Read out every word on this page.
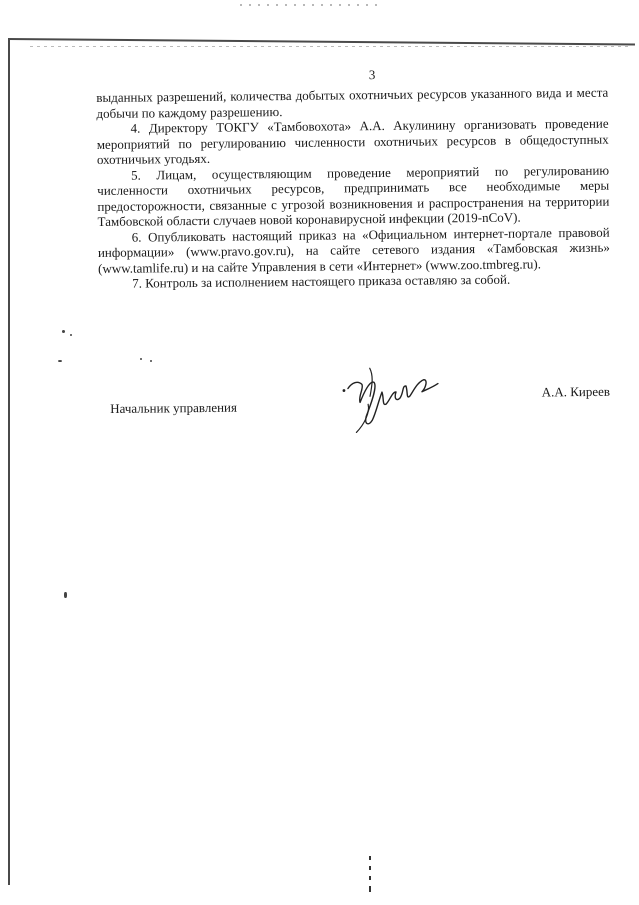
3

выданных разрешений, количества добытых охотничьих ресурсов указанного вида и места добычи по каждому разрешению.

4. Директору ТОКГУ «Тамбовохота» А.А. Акулинину организовать проведение мероприятий по регулированию численности охотничьих ресурсов в общедоступных охотничьих угодьях.

5. Лицам, осуществляющим проведение мероприятий по регулированию численности охотничьих ресурсов, предпринимать все необходимые меры предосторожности, связанные с угрозой возникновения и распространения на территории Тамбовской области случаев новой коронавирусной инфекции (2019-nCoV).

6. Опубликовать настоящий приказ на «Официальном интернет-портале правовой информации» (www.pravo.gov.ru), на сайте сетевого издания «Тамбовская жизнь» (www.tamlife.ru) и на сайте Управления в сети «Интернет» (www.zoo.tmbreg.ru).

7. Контроль за исполнением настоящего приказа оставляю за собой.

Начальник управления
А.А. Киреев
